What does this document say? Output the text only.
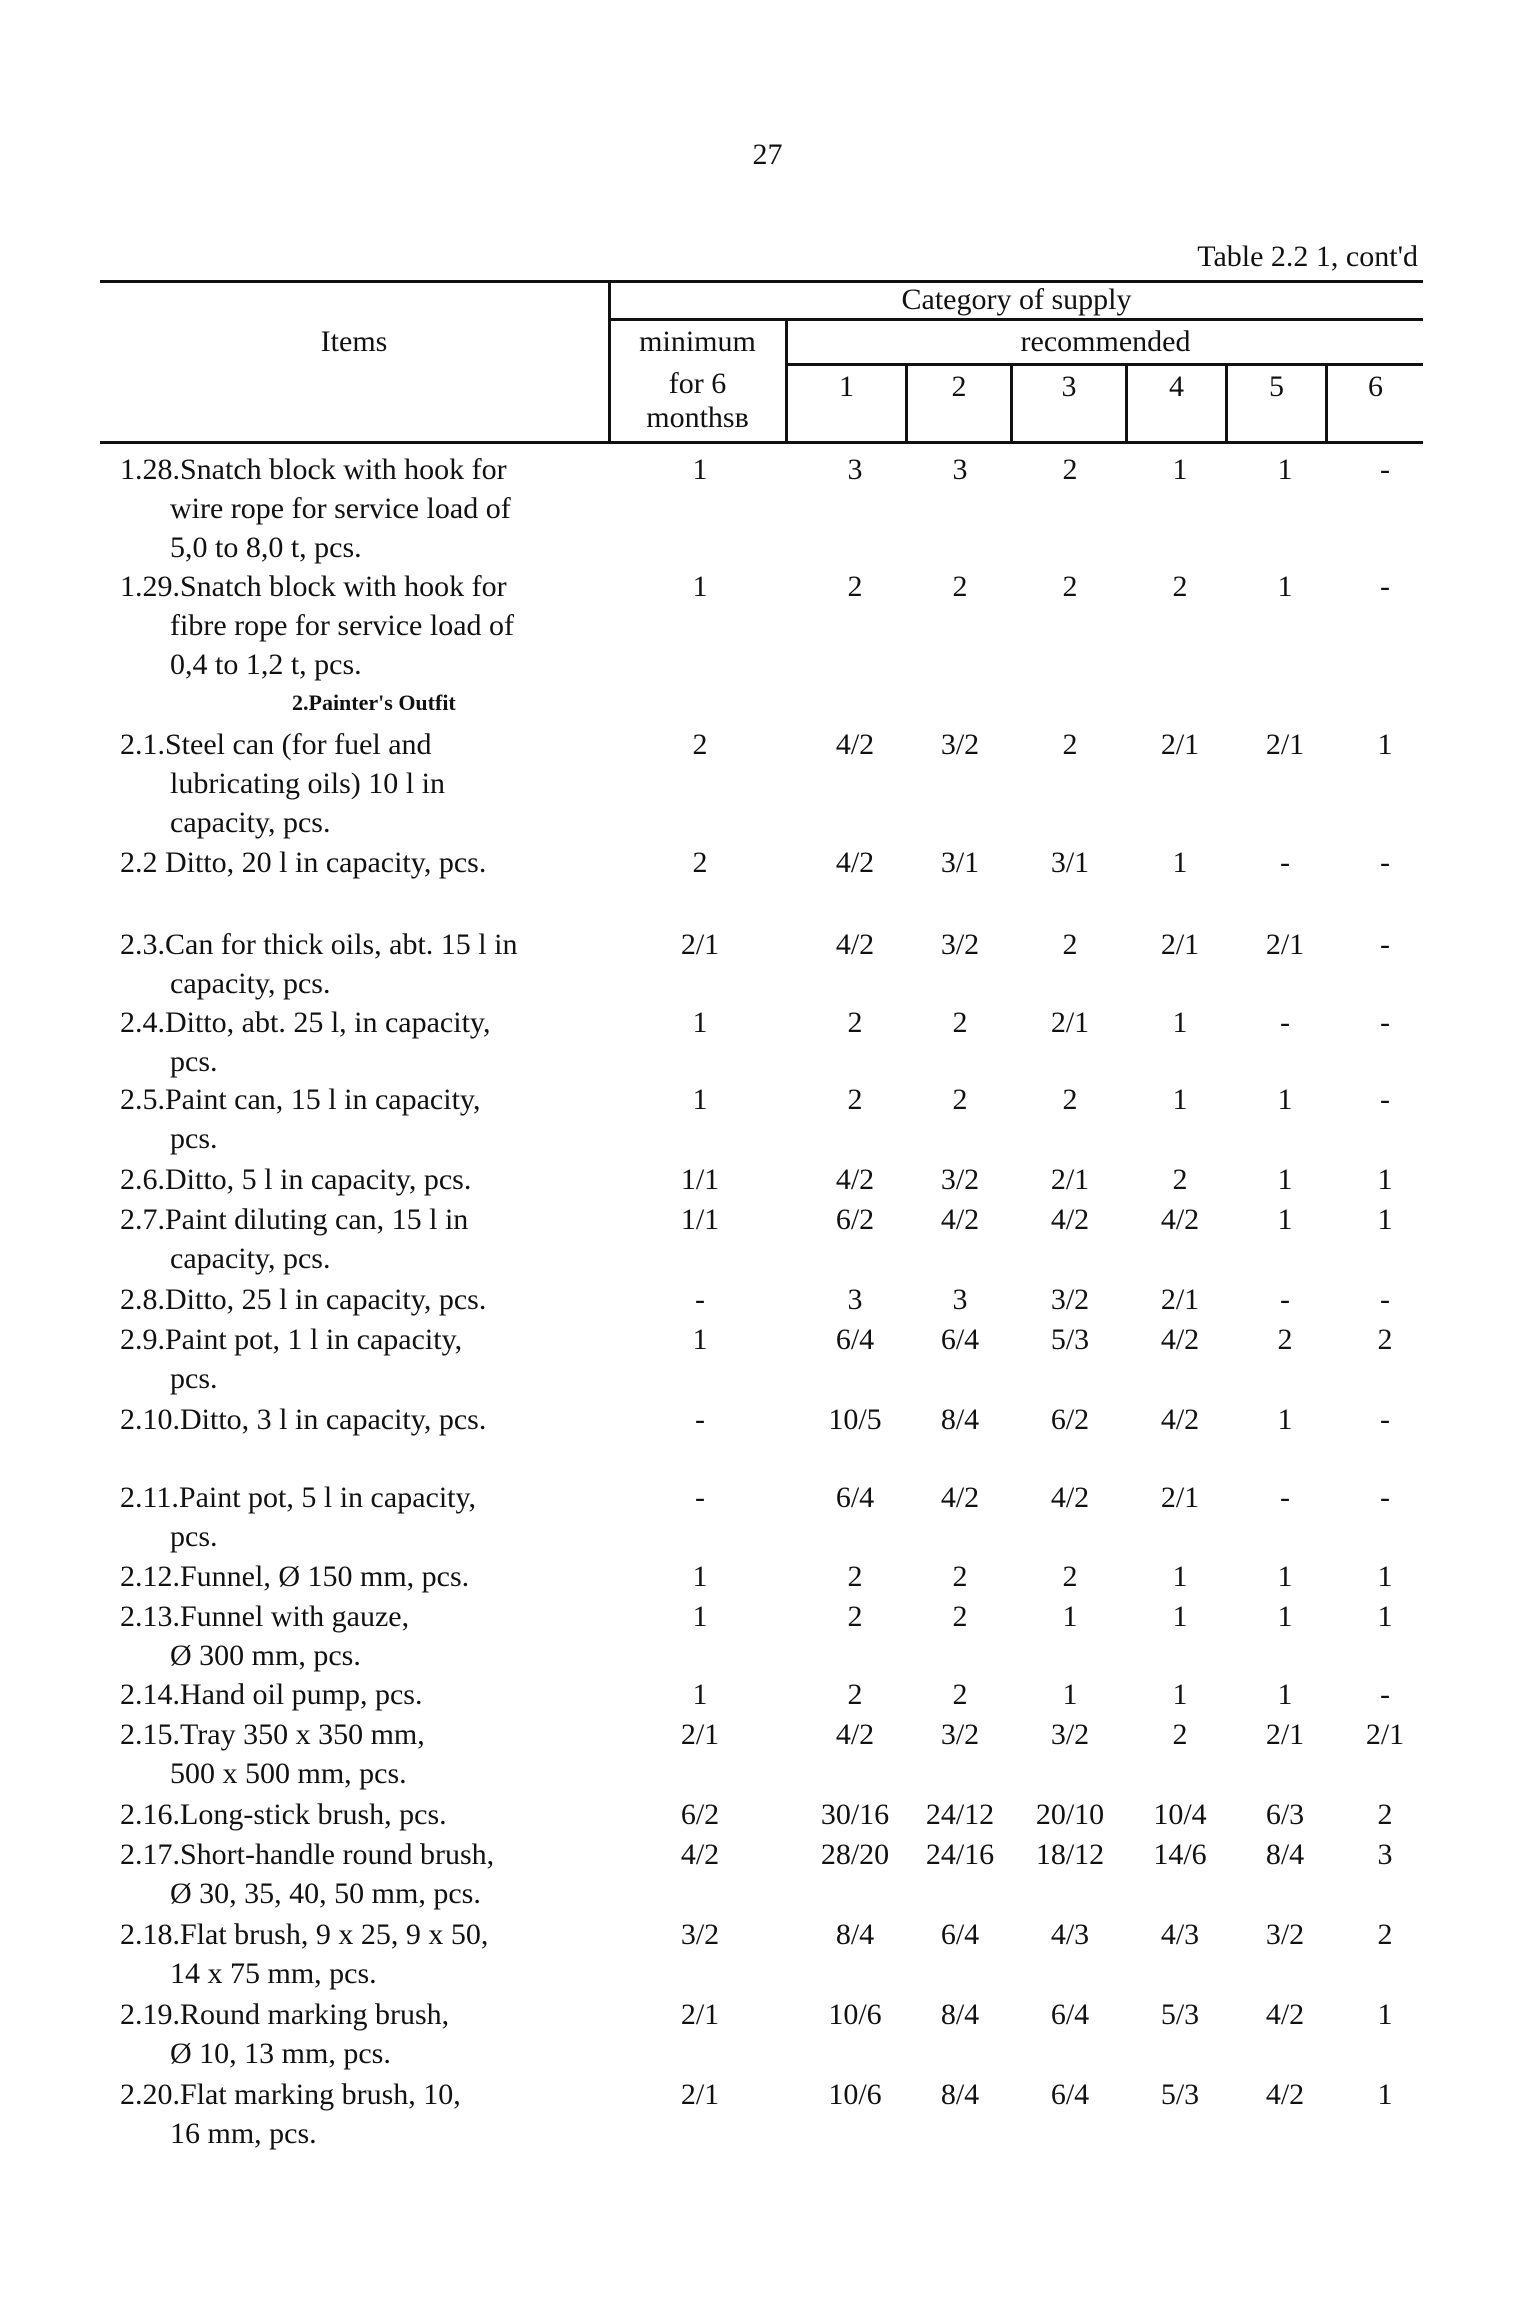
27
Table 2.2 1, cont'd
Items
Category of supply
minimum
for 6 monthsв
recommended
1	2	3	4	5	6
2.Painter's Outfit
1.28.Snatch block with hook for
wire rope for service load of
5,0 to 8,0 t, pcs.
1	3	3	2	1	1	-
1.29.Snatch block with hook for
fibre rope for service load of
0,4 to 1,2 t, pcs.
1	2	2	2	2	1	-
2.1.Steel can (for fuel and
lubricating oils) 10 l in
capacity, pcs.
2	4/2	3/2	2	2/1	2/1	1
2.2 Ditto, 20 l in capacity, pcs.	2	4/2	3/1	3/1	1	-	-
2.3.Can for thick oils, abt. 15 l in
capacity, pcs.
2/1	4/2	3/2	2	2/1	2/1	-
2.4.Ditto, abt. 25 l, in capacity,
pcs.
1	2	2	2/1	1	-	-
2.5.Paint can, 15 l in capacity,
pcs.
1	2	2	2	1	1	-
2.6.Ditto, 5 l in capacity, pcs.	1/1	4/2	3/2	2/1	2	1	1
2.7.Paint diluting can, 15 l in
capacity, pcs.
1/1	6/2	4/2	4/2	4/2	1	1
2.8.Ditto, 25 l in capacity, pcs.	-	3	3	3/2	2/1	-	-
2.9.Paint pot, 1 l in capacity,
pcs.
1	6/4	6/4	5/3	4/2	2	2
2.10.Ditto, 3 l in capacity, pcs.	-	10/5	8/4	6/2	4/2	1	-
2.11.Paint pot, 5 l in capacity,
pcs.
-	6/4	4/2	4/2	2/1	-	-
2.12.Funnel, Ø 150 mm, pcs.	1	2	2	2	1	1	1
2.13.Funnel with gauze,
Ø 300 mm, pcs.
1	2	2	1	1	1	1
2.14.Hand oil pump, pcs.	1	2	2	1	1	1	-
2.15.Tray 350 x 350 mm,
500 x 500 mm, pcs.
2/1	4/2	3/2	3/2	2	2/1	2/1
2.16.Long-stick brush, pcs.	6/2	30/16 24/12 20/10	10/4	6/3	2
2.17.Short-handle round brush,
Ø 30, 35, 40, 50 mm, pcs.
4/2	28/20 24/16 18/12	14/6	8/4	3
2.18.Flat brush, 9 x 25, 9 x 50,
14 x 75 mm, pcs.
3/2	8/4	6/4	4/3	4/3	3/2	2
2.19.Round marking brush,
Ø 10, 13 mm, pcs.
2/1	10/6	8/4	6/4	5/3	4/2	1
2.20.Flat marking brush, 10,
16 mm, pcs.
2/1	10/6	8/4	6/4	5/3	4/2	1
